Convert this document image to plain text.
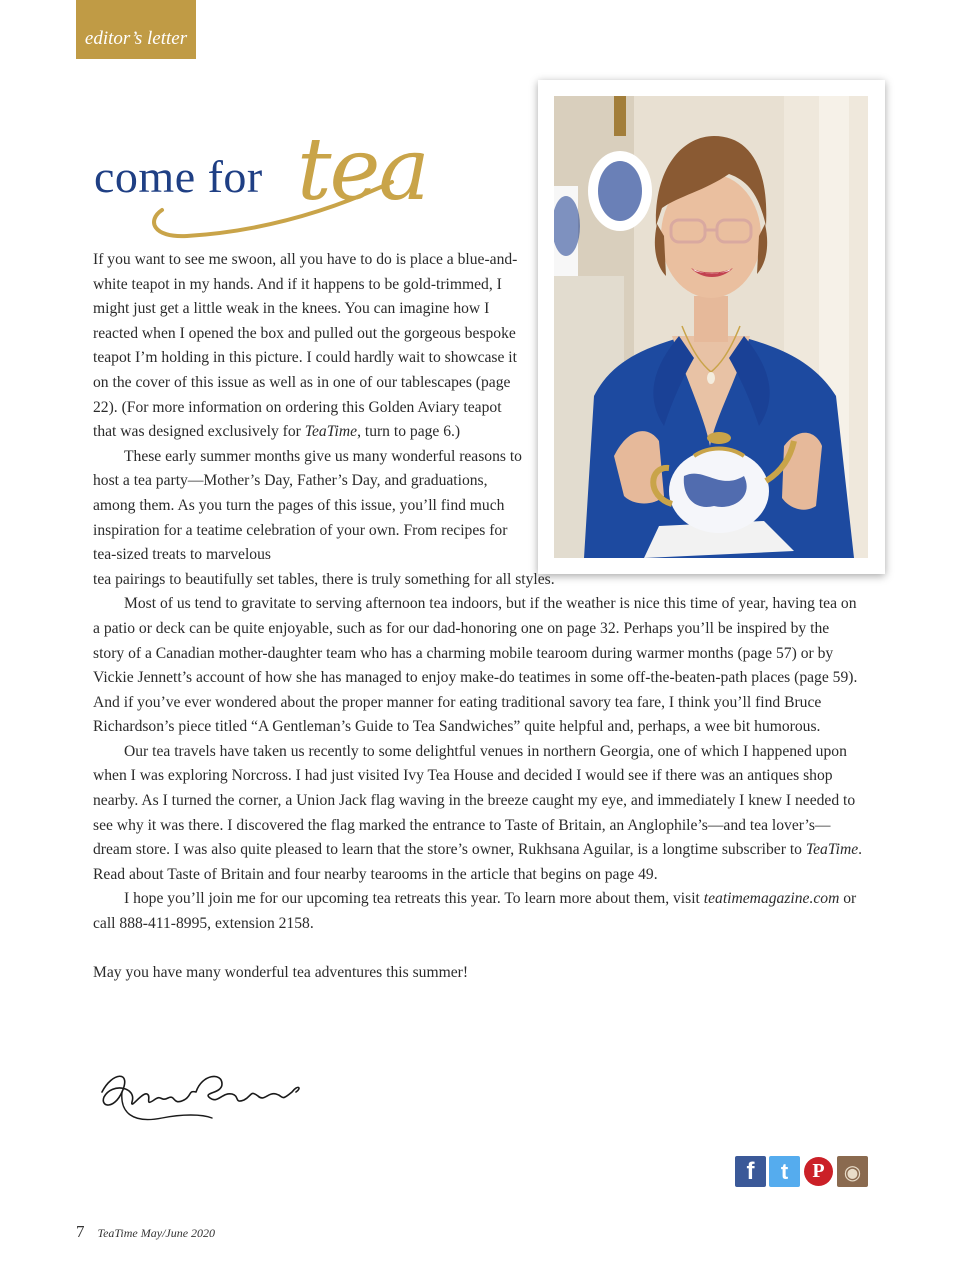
editor’s letter
come for tea

If you want to see me swoon, all you have to do is place a blue-and-white teapot in my hands. And if it happens to be gold-trimmed, I might just get a little weak in the knees. You can imagine how I reacted when I opened the box and pulled out the gorgeous bespoke teapot I’m holding in this picture. I could hardly wait to showcase it on the cover of this issue as well as in one of our tablescapes (page 22). (For more information on ordering this Golden Aviary teapot that was designed exclusively for TeaTime, turn to page 6.)

These early summer months give us many wonderful reasons to host a tea party—Mother’s Day, Father’s Day, and graduations, among them. As you turn the pages of this issue, you’ll find much inspiration for a teatime celebration of your own. From recipes for tea-sized treats to marvelous

tea pairings to beautifully set tables, there is truly something for all styles.

Most of us tend to gravitate to serving afternoon tea indoors, but if the weather is nice this time of year, having tea on a patio or deck can be quite enjoyable, such as for our dad-honoring one on page 32. Perhaps you’ll be inspired by the story of a Canadian mother-daughter team who has a charming mobile tearoom during warmer months (page 57) or by Vickie Jennett’s account of how she has managed to enjoy make-do teatimes in some off-the-beaten-path places (page 59). And if you’ve ever wondered about the proper manner for eating traditional savory tea fare, I think you’ll find Bruce Richardson’s piece titled “A Gentleman’s Guide to Tea Sandwiches” quite helpful and, perhaps, a wee bit humorous.

Our tea travels have taken us recently to some delightful venues in northern Georgia, one of which I happened upon when I was exploring Norcross. I had just visited Ivy Tea House and decided I would see if there was an antiques shop nearby. As I turned the corner, a Union Jack flag waving in the breeze caught my eye, and immediately I knew I needed to see why it was there. I discovered the flag marked the entrance to Taste of Britain, an Anglophile’s—and tea lover’s—dream store. I was also quite pleased to learn that the store’s owner, Rukhsana Aguilar, is a longtime subscriber to TeaTime. Read about Taste of Britain and four nearby tearooms in the article that begins on page 49.

I hope you’ll join me for our upcoming tea retreats this year. To learn more about them, visit teatimemagazine.com or call 888-411-8995, extension 2158.

May you have many wonderful tea adventures this summer!

f t P ◉
7 TeaTime May/June 2020
